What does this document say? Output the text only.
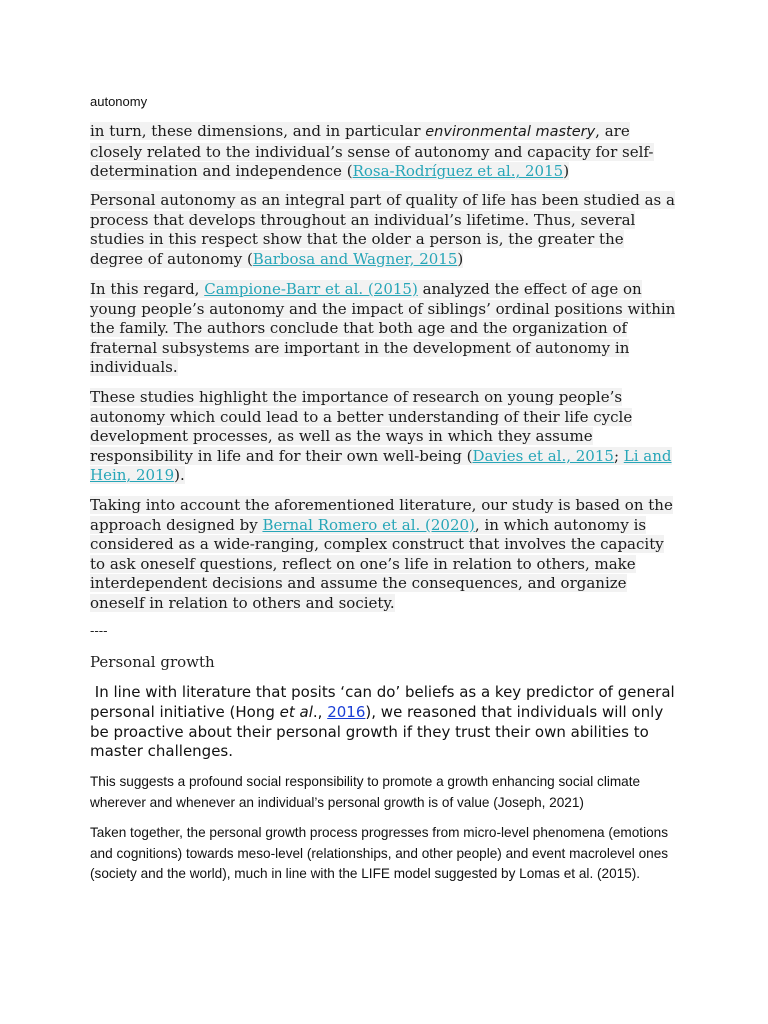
autonomy
in turn, these dimensions, and in particular environmental mastery, are closely related to the individual’s sense of autonomy and capacity for self-determination and independence (Rosa-Rodríguez et al., 2015)
Personal autonomy as an integral part of quality of life has been studied as a process that develops throughout an individual’s lifetime. Thus, several studies in this respect show that the older a person is, the greater the degree of autonomy (Barbosa and Wagner, 2015)
In this regard, Campione-Barr et al. (2015) analyzed the effect of age on young people’s autonomy and the impact of siblings’ ordinal positions within the family. The authors conclude that both age and the organization of fraternal subsystems are important in the development of autonomy in individuals.
These studies highlight the importance of research on young people’s autonomy which could lead to a better understanding of their life cycle development processes, as well as the ways in which they assume responsibility in life and for their own well-being (Davies et al., 2015; Li and Hein, 2019).
Taking into account the aforementioned literature, our study is based on the approach designed by Bernal Romero et al. (2020), in which autonomy is considered as a wide-ranging, complex construct that involves the capacity to ask oneself questions, reflect on one’s life in relation to others, make interdependent decisions and assume the consequences, and organize oneself in relation to others and society.
----
Personal growth
In line with literature that posits ‘can do’ beliefs as a key predictor of general personal initiative (Hong et al., 2016), we reasoned that individuals will only be proactive about their personal growth if they trust their own abilities to master challenges.
This suggests a profound social responsibility to promote a growth enhancing social climate wherever and whenever an individual’s personal growth is of value (Joseph, 2021)
Taken together, the personal growth process progresses from micro-level phenomena (emotions and cognitions) towards meso-level (relationships, and other people) and event macrolevel ones (society and the world), much in line with the LIFE model suggested by Lomas et al. (2015).
